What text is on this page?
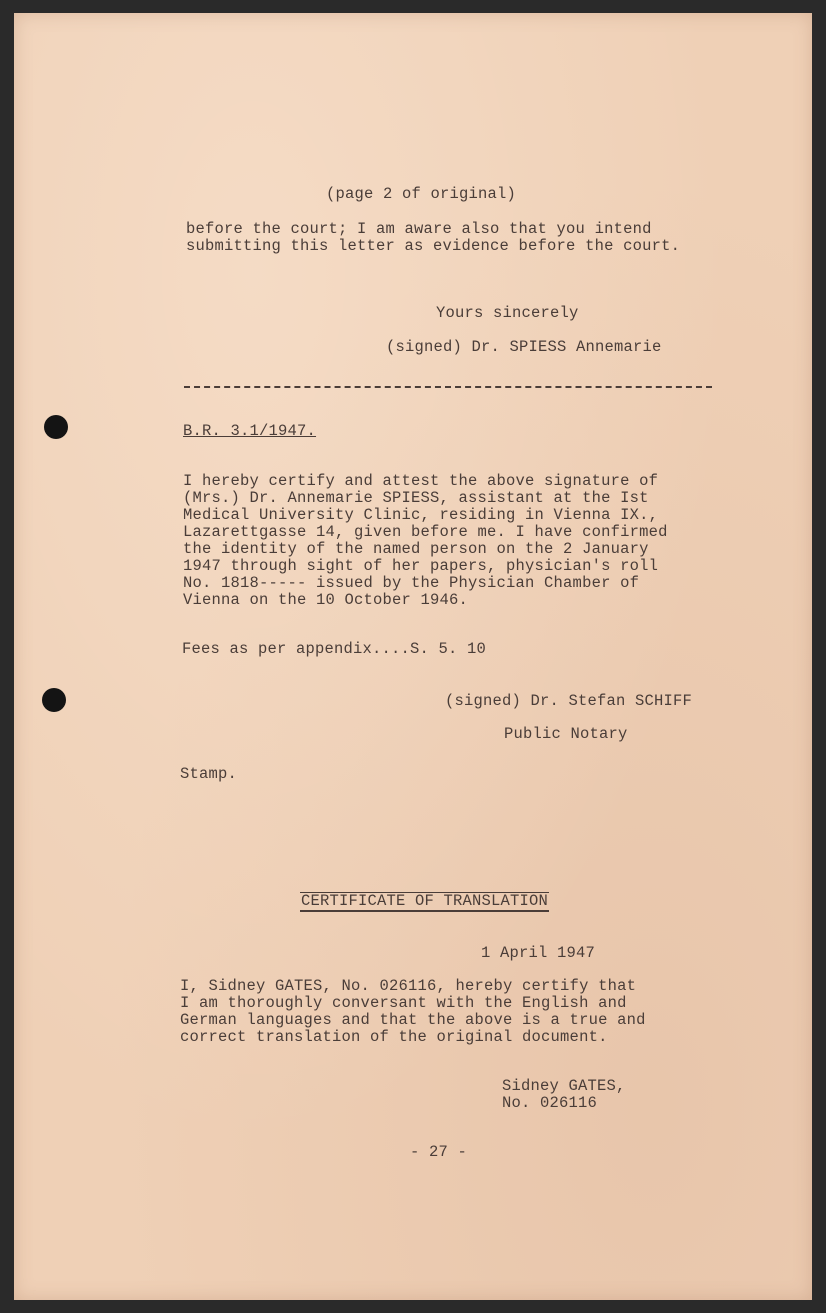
(page 2 of original)
before the court; I am aware also that you intend
submitting this letter as evidence before the court.
Yours sincerely
(signed) Dr. SPIESS Annemarie
B.R. 3.1/1947.
I hereby certify and attest the above signature of
(Mrs.) Dr. Annemarie SPIESS, assistant at the Ist
Medical University Clinic, residing in Vienna IX.,
Lazarettgasse 14, given before me. I have confirmed
the identity of the named person on the 2 January
1947 through sight of her papers, physician's roll
No. 1818----- issued by the Physician Chamber of
Vienna on the 10 October 1946.
Fees as per appendix....S. 5. 10
(signed) Dr. Stefan SCHIFF
Public Notary
Stamp.
CERTIFICATE OF TRANSLATION
1 April 1947
I, Sidney GATES, No. 026116, hereby certify that
I am thoroughly conversant with the English and
German languages and that the above is a true and
correct translation of the original document.
Sidney GATES,
No. 026116
- 27 -
